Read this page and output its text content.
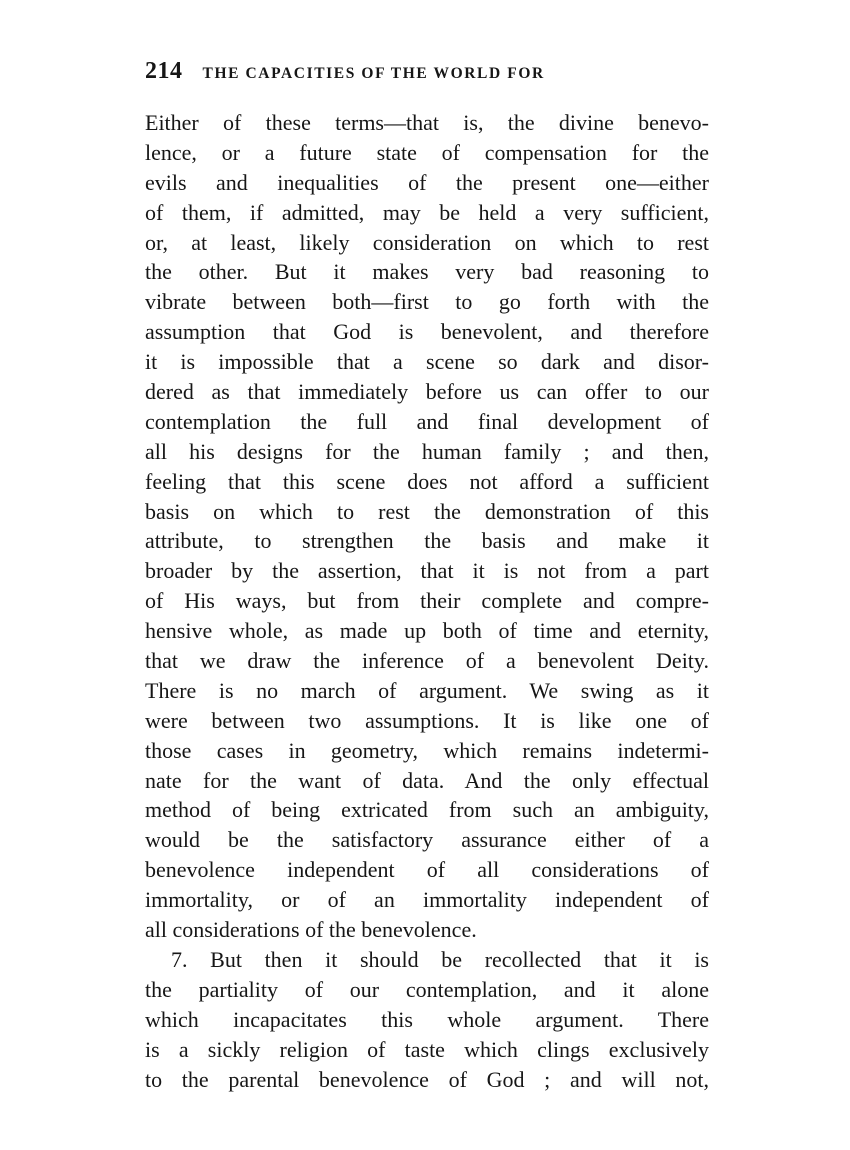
214 THE CAPACITIES OF THE WORLD FOR
Either of these terms—that is, the divine benevo-
lence, or a future state of compensation for the
evils and inequalities of the present one—either
of them, if admitted, may be held a very sufficient,
or, at least, likely consideration on which to rest
the other. But it makes very bad reasoning to
vibrate between both—first to go forth with the
assumption that God is benevolent, and therefore
it is impossible that a scene so dark and disor-
dered as that immediately before us can offer to our
contemplation the full and final development of
all his designs for the human family ; and then,
feeling that this scene does not afford a sufficient
basis on which to rest the demonstration of this
attribute, to strengthen the basis and make it
broader by the assertion, that it is not from a part
of His ways, but from their complete and compre-
hensive whole, as made up both of time and eternity,
that we draw the inference of a benevolent Deity.
There is no march of argument. We swing as it
were between two assumptions. It is like one of
those cases in geometry, which remains indetermi-
nate for the want of data. And the only effectual
method of being extricated from such an ambiguity,
would be the satisfactory assurance either of a
benevolence independent of all considerations of
immortality, or of an immortality independent of
all considerations of the benevolence.
7. But then it should be recollected that it is
the partiality of our contemplation, and it alone
which incapacitates this whole argument. There
is a sickly religion of taste which clings exclusively
to the parental benevolence of God ; and will not,
